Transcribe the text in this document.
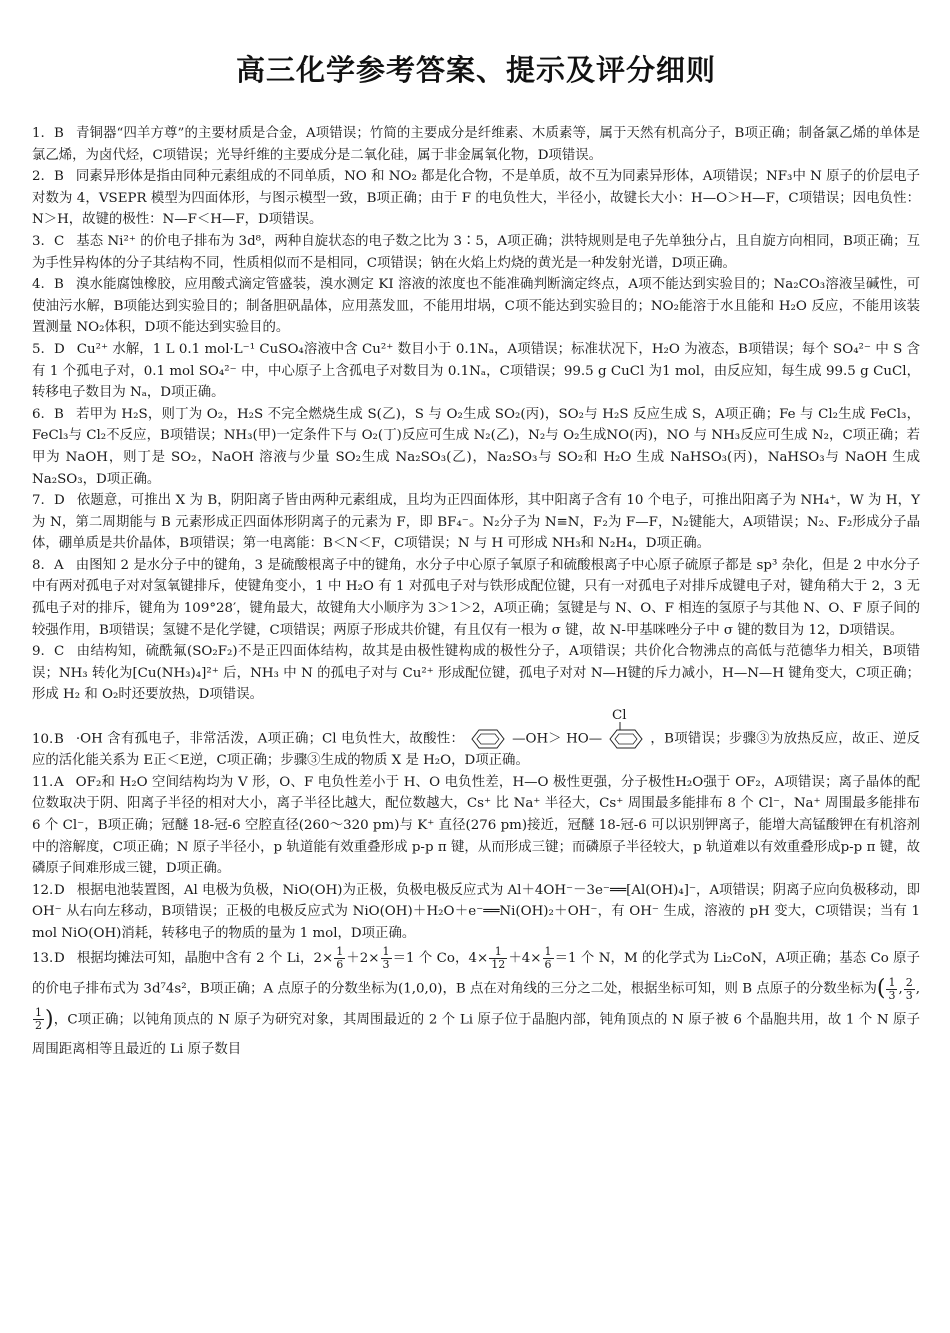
高三化学参考答案、提示及评分细则

1. B 青铜器“四羊方尊”的主要材质是合金，A项错误；竹简的主要成分是纤维素、木质素等，属于天然有机高分子，B项正确；制备氯乙烯的单体是氯乙烯，为卤代烃，C项错误；光导纤维的主要成分是二氧化硅，属于非金属氧化物，D项错误。

2. B 同素异形体是指由同种元素组成的不同单质，NO 和 NO₂ 都是化合物，不是单质，故不互为同素异形体，A项错误；NF₃中 N 原子的价层电子对数为 4，VSEPR 模型为四面体形，与图示模型一致，B项正确；由于 F 的电负性大，半径小，故键长大小：H—O＞H—F，C项错误；因电负性：N＞H，故键的极性：N—F＜H—F，D项错误。

3. C 基态 Ni²⁺ 的价电子排布为 3d⁸，两种自旋状态的电子数之比为 3∶5，A项正确；洪特规则是电子先单独分占，且自旋方向相同，B项正确；互为手性异构体的分子其结构不同，性质相似而不是相同，C项错误；钠在火焰上灼烧的黄光是一种发射光谱，D项正确。

4. B 溴水能腐蚀橡胶，应用酸式滴定管盛装，溴水测定 KI 溶液的浓度也不能准确判断滴定终点，A项不能达到实验目的；Na₂CO₃溶液呈碱性，可使油污水解，B项能达到实验目的；制备胆矾晶体，应用蒸发皿，不能用坩埚，C项不能达到实验目的；NO₂能溶于水且能和 H₂O 反应，不能用该装置测量 NO₂体积，D项不能达到实验目的。

5. D Cu²⁺ 水解，1 L 0.1 mol·L⁻¹ CuSO₄溶液中含 Cu²⁺ 数目小于 0.1Nₐ，A项错误；标准状况下，H₂O 为液态，B项错误；每个 SO₄²⁻ 中 S 含有 1 个孤电子对，0.1 mol SO₄²⁻ 中，中心原子上含孤电子对数目为 0.1Nₐ，C项错误；99.5 g CuCl 为1 mol，由反应知，每生成 99.5 g CuCl，转移电子数目为 Nₐ，D项正确。

6. B 若甲为 H₂S，则丁为 O₂，H₂S 不完全燃烧生成 S(乙)，S 与 O₂生成 SO₂(丙)，SO₂与 H₂S 反应生成 S，A项正确；Fe 与 Cl₂生成 FeCl₃，FeCl₃与 Cl₂不反应，B项错误；NH₃(甲)一定条件下与 O₂(丁)反应可生成 N₂(乙)，N₂与 O₂生成NO(丙)，NO 与 NH₃反应可生成 N₂，C项正确；若甲为 NaOH，则丁是 SO₂，NaOH 溶液与少量 SO₂生成 Na₂SO₃(乙)，Na₂SO₃与 SO₂和 H₂O 生成 NaHSO₃(丙)，NaHSO₃与 NaOH 生成 Na₂SO₃，D项正确。

7. D 依题意，可推出 X 为 B，阴阳离子皆由两种元素组成，且均为正四面体形，其中阳离子含有 10 个电子，可推出阳离子为 NH₄⁺，W 为 H，Y 为 N，第二周期能与 B 元素形成正四面体形阴离子的元素为 F，即 BF₄⁻。N₂分子为 N≡N，F₂为 F—F，N₂键能大，A项错误；N₂、F₂形成分子晶体，硼单质是共价晶体，B项错误；第一电离能：B＜N＜F，C项错误；N 与 H 可形成 NH₃和 N₂H₄，D项正确。

8. A 由图知 2 是水分子中的键角，3 是硫酸根离子中的键角，水分子中心原子氧原子和硫酸根离子中心原子硫原子都是 sp³ 杂化，但是 2 中水分子中有两对孤电子对对氢氧键排斥，使键角变小，1 中 H₂O 有 1 对孤电子对与铁形成配位键，只有一对孤电子对排斥成键电子对，键角稍大于 2，3 无孤电子对的排斥，键角为 109°28′，键角最大，故键角大小顺序为 3＞1＞2，A项正确；氢键是与 N、O、F 相连的氢原子与其他 N、O、F 原子间的较强作用，B项错误；氢键不是化学键，C项错误；两原子形成共价键，有且仅有一根为 σ 键，故 N-甲基咪唑分子中 σ 键的数目为 12，D项错误。

9. C 由结构知，硫酰氟(SO₂F₂)不是正四面体结构，故其是由极性键构成的极性分子，A项错误；共价化合物沸点的高低与范德华力相关，B项错误；NH₃ 转化为[Cu(NH₃)₄]²⁺ 后，NH₃ 中 N 的孤电子对与 Cu²⁺ 形成配位键，孤电子对对 N—H键的斥力减小，H—N—H 键角变大，C项正确；形成 H₂ 和 O₂时还要放热，D项错误。

Cl

10.B ·OH 含有孤电子，非常活泼，A项正确；Cl 电负性大，故酸性：	—OH＞ HO—	，B项错误；步骤③为放热反应，故正、逆反应的活化能关系为 E正＜E逆，C项正确；步骤③生成的物质 X 是 H₂O，D项正确。

11.A OF₂和 H₂O 空间结构均为 V 形，O、F 电负性差小于 H、O 电负性差，H—O 极性更强，分子极性H₂O强于 OF₂，A项错误；离子晶体的配位数取决于阴、阳离子半径的相对大小，离子半径比越大，配位数越大，Cs⁺ 比 Na⁺ 半径大，Cs⁺ 周围最多能排布 8 个 Cl⁻，Na⁺ 周围最多能排布 6 个 Cl⁻，B项正确；冠醚 18-冠-6 空腔直径(260～320 pm)与 K⁺ 直径(276 pm)接近，冠醚 18-冠-6 可以识别钾离子，能增大高锰酸钾在有机溶剂中的溶解度，C项正确；N 原子半径小，p 轨道能有效重叠形成 p-p π 键，从而形成三键；而磷原子半径较大，p 轨道难以有效重叠形成p-p π 键，故磷原子间难形成三键，D项正确。

12.D 根据电池装置图，Al 电极为负极，NiO(OH)为正极，负极电极反应式为 Al＋4OH⁻－3e⁻══[Al(OH)₄]⁻，A项错误；阴离子应向负极移动，即 OH⁻ 从右向左移动，B项错误；正极的电极反应式为 NiO(OH)＋H₂O＋e⁻══Ni(OH)₂＋OH⁻，有 OH⁻ 生成，溶液的 pH 变大，C项错误；当有 1 mol NiO(OH)消耗，转移电子的物质的量为 1 mol，D项正确。

13.D 根据均摊法可知，晶胞中含有 2 个 Li，$2\times \frac{1}{6} +2\times \frac{1}{3} =1$ 个 Co，$4\times \frac{1}{12} +4\times \frac{1}{6} =1$ 个 N，M 的化学式为 Li₂CoN，A项正确；基态 Co 原子的价电子排布式为 3d⁷4s²，B项正确；A 点原子的分数坐标为(1,0,0)，B 点在对角线的三分之二处，根据坐标可知，则 B 点原子的分数坐标为( $\frac{1}{3}$ , $\frac{2}{3}$ ,
$\frac{1}{2}$ )，C项正确；以钝角顶点的 N 原子为研究对象，其周围最近的 2 个 Li 原子位于晶胞内部，钝角顶点的 N 原子被 6 个晶胞共用，故 1 个 N 原子周围距离相等且最近的 Li 原子数目
